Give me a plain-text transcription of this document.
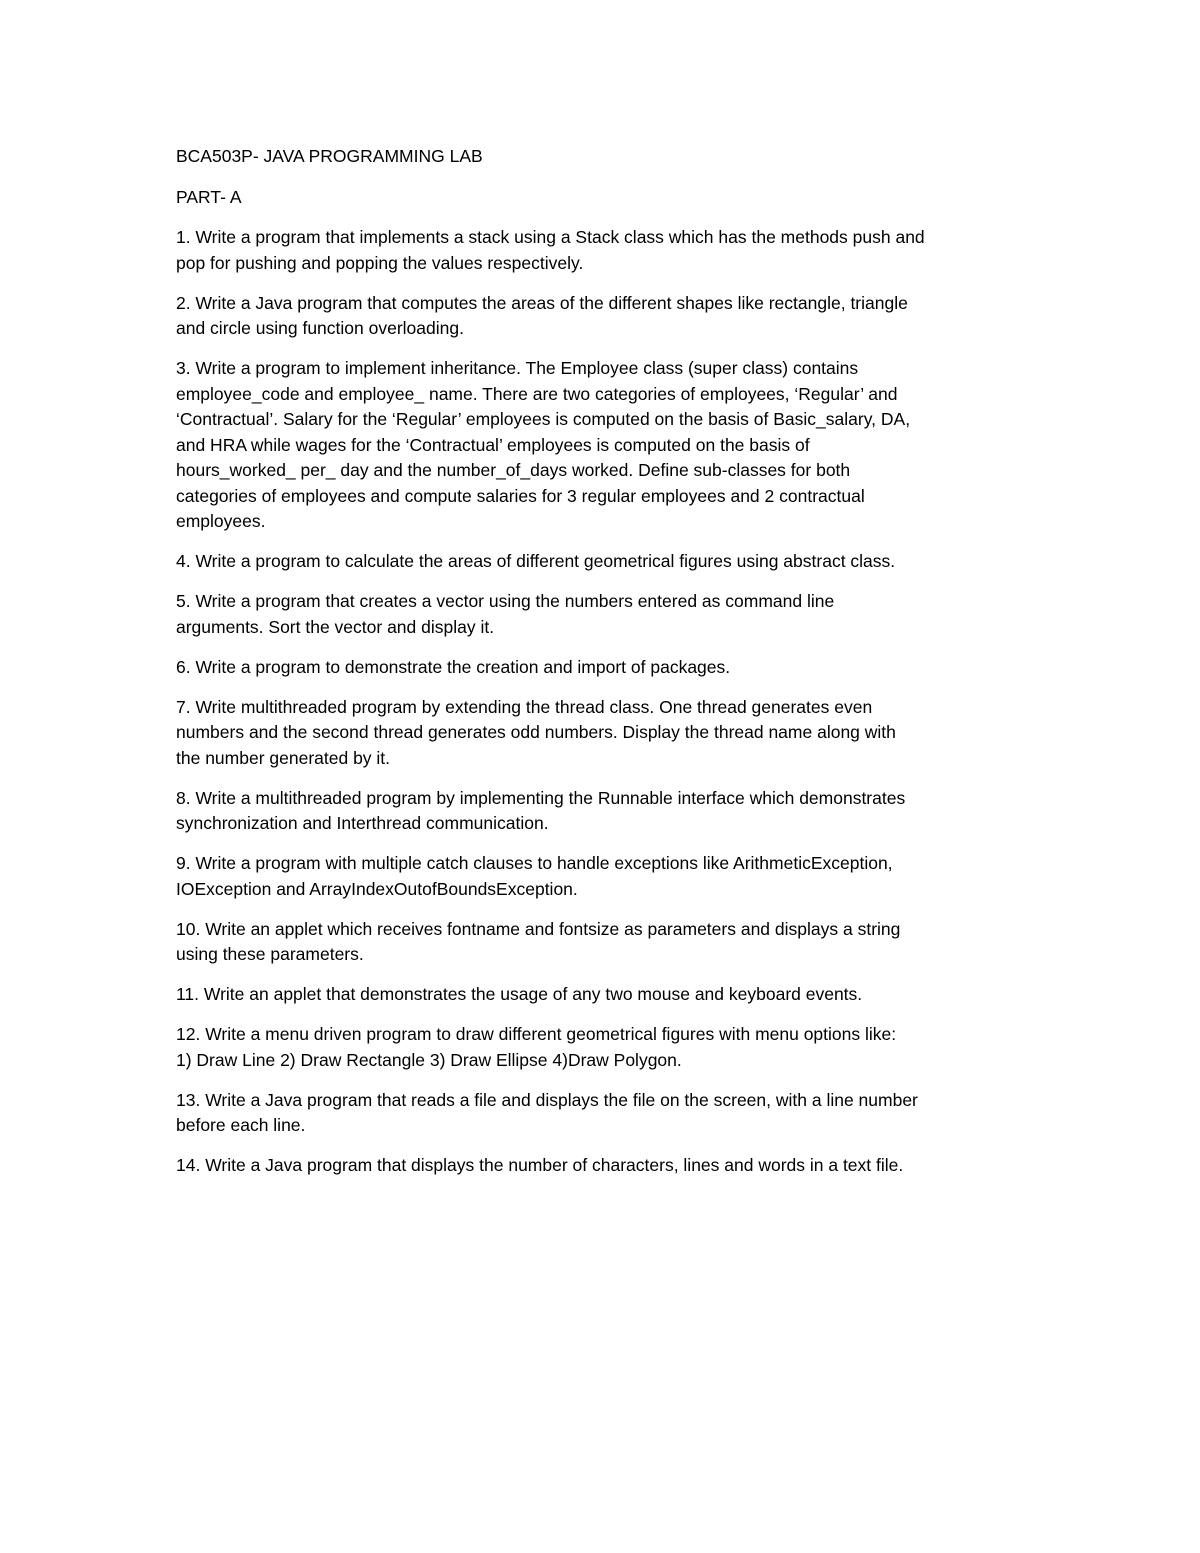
BCA503P- JAVA PROGRAMMING LAB
PART- A
1. Write a program that implements a stack using a Stack class which has the methods push and
pop for pushing and popping the values respectively.
2. Write a Java program that computes the areas of the different shapes like rectangle, triangle
and circle using function overloading.
3. Write a program to implement inheritance. The Employee class (super class) contains
employee_code and employee_ name. There are two categories of employees, ‘Regular’ and
‘Contractual’. Salary for the ‘Regular’ employees is computed on the basis of Basic_salary, DA,
and HRA while wages for the ‘Contractual’ employees is computed on the basis of
hours_worked_ per_ day and the number_of_days worked. Define sub-classes for both
categories of employees and compute salaries for 3 regular employees and 2 contractual
employees.
4. Write a program to calculate the areas of different geometrical figures using abstract class.
5. Write a program that creates a vector using the numbers entered as command line
arguments. Sort the vector and display it.
6. Write a program to demonstrate the creation and import of packages.
7. Write multithreaded program by extending the thread class. One thread generates even
numbers and the second thread generates odd numbers. Display the thread name along with
the number generated by it.
8. Write a multithreaded program by implementing the Runnable interface which demonstrates
synchronization and Interthread communication.
9. Write a program with multiple catch clauses to handle exceptions like ArithmeticException,
IOException and ArrayIndexOutofBoundsException.
10. Write an applet which receives fontname and fontsize as parameters and displays a string
using these parameters.
11. Write an applet that demonstrates the usage of any two mouse and keyboard events.
12. Write a menu driven program to draw different geometrical figures with menu options like:
1) Draw Line 2) Draw Rectangle 3) Draw Ellipse 4)Draw Polygon.
13. Write a Java program that reads a file and displays the file on the screen, with a line number
before each line.
14. Write a Java program that displays the number of characters, lines and words in a text file.
